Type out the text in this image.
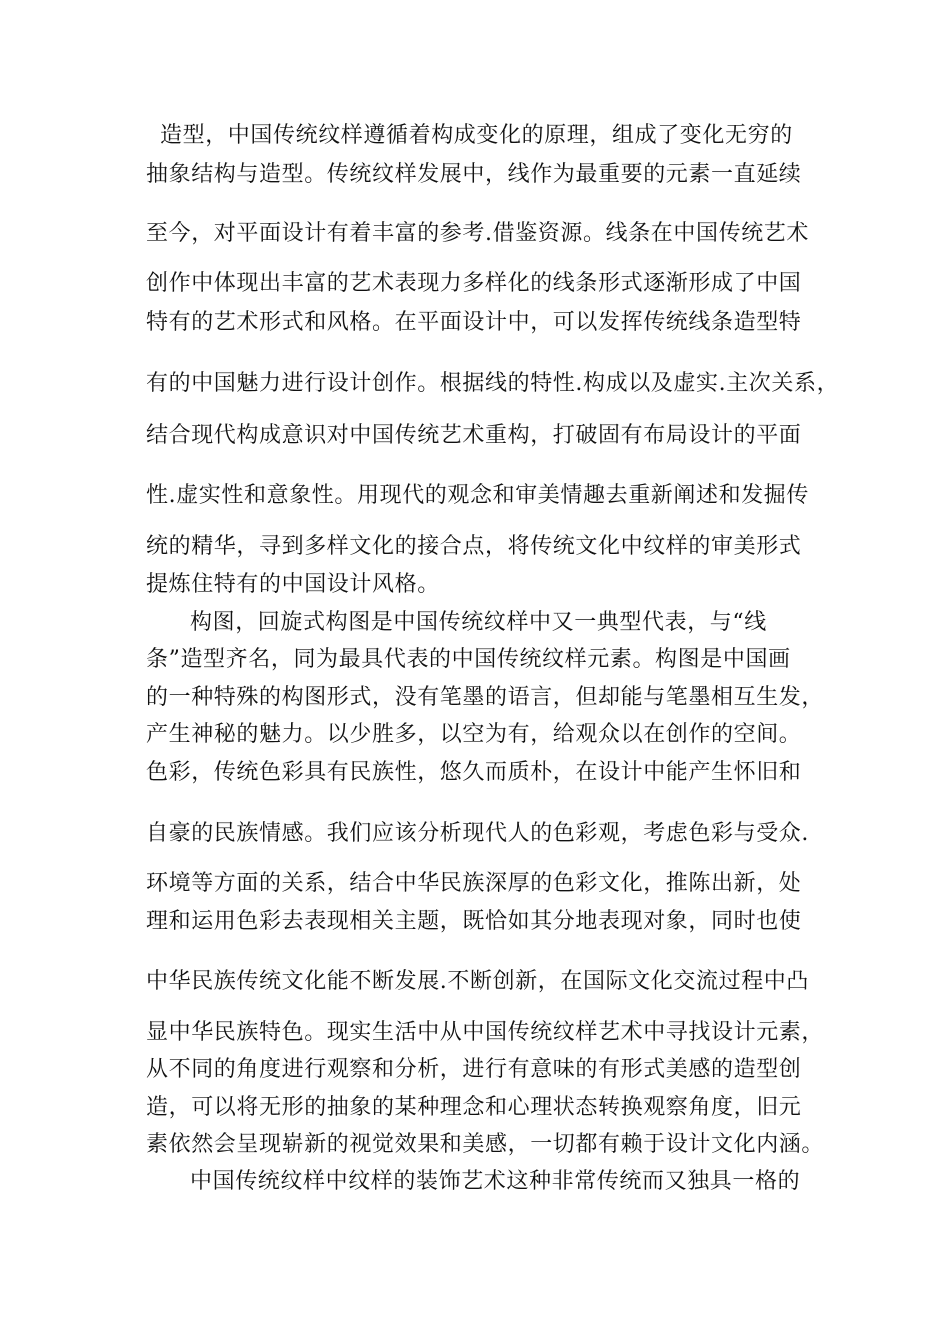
造型，中国传统纹样遵循着构成变化的原理，组成了变化无穷的

抽象结构与造型。传统纹样发展中，线作为最重要的元素一直延续

至今，对平面设计有着丰富的参考.借鉴资源。线条在中国传统艺术

创作中体现出丰富的艺术表现力多样化的线条形式逐渐形成了中国

特有的艺术形式和风格。在平面设计中，可以发挥传统线条造型特

有的中国魅力进行设计创作。根据线的特性.构成以及虚实.主次关系，

结合现代构成意识对中国传统艺术重构，打破固有布局设计的平面

性.虚实性和意象性。用现代的观念和审美情趣去重新阐述和发掘传

统的精华，寻到多样文化的接合点，将传统文化中纹样的审美形式

提炼住特有的中国设计风格。

构图，回旋式构图是中国传统纹样中又一典型代表，与“线

条”造型齐名，同为最具代表的中国传统纹样元素。构图是中国画

的一种特殊的构图形式，没有笔墨的语言，但却能与笔墨相互生发，

产生神秘的魅力。以少胜多，以空为有，给观众以在创作的空间。

色彩，传统色彩具有民族性，悠久而质朴，在设计中能产生怀旧和

自豪的民族情感。我们应该分析现代人的色彩观，考虑色彩与受众.

环境等方面的关系，结合中华民族深厚的色彩文化，推陈出新，处

理和运用色彩去表现相关主题，既恰如其分地表现对象，同时也使

中华民族传统文化能不断发展.不断创新，在国际文化交流过程中凸

显中华民族特色。现实生活中从中国传统纹样艺术中寻找设计元素，

从不同的角度进行观察和分析，进行有意味的有形式美感的造型创

造，可以将无形的抽象的某种理念和心理状态转换观察角度，旧元

素依然会呈现崭新的视觉效果和美感，一切都有赖于设计文化内涵。

中国传统纹样中纹样的装饰艺术这种非常传统而又独具一格的
